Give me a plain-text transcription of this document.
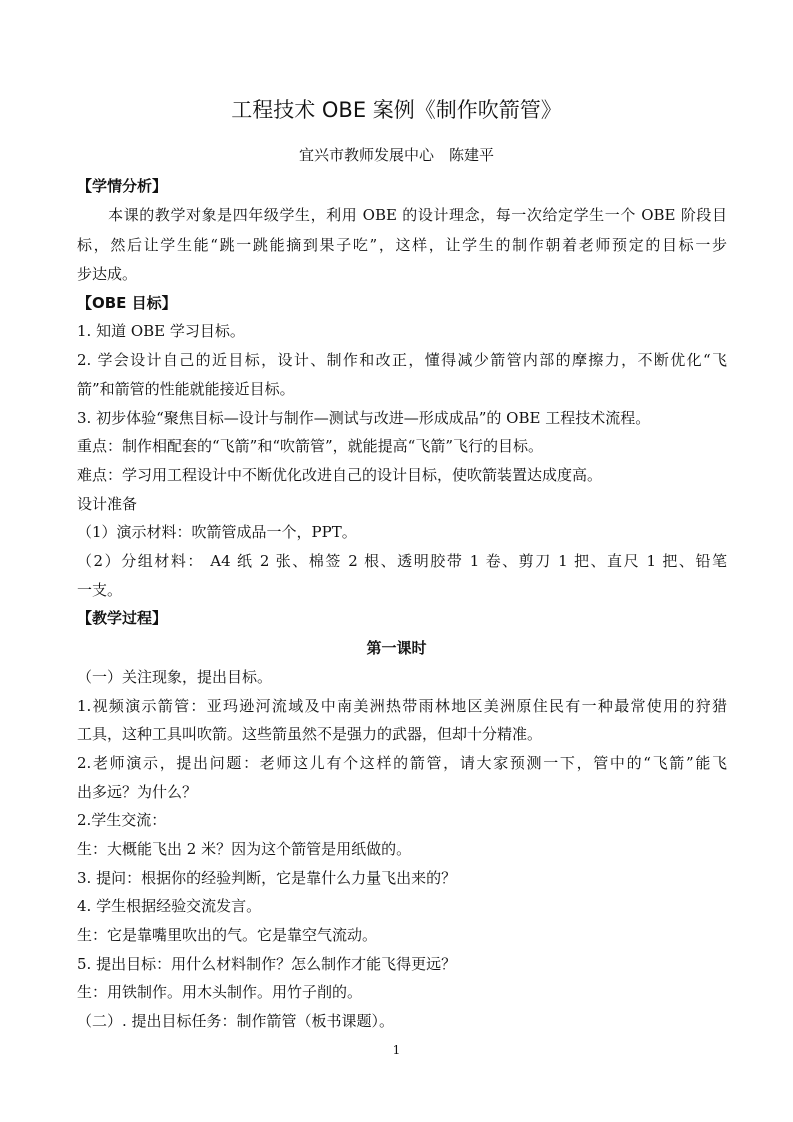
工程技术 OBE 案例《制作吹箭管》
宜兴市教师发展中心　陈建平
【学情分析】
　　本课的教学对象是四年级学生，利用 OBE 的设计理念，每一次给定学生一个 OBE 阶段目
标，然后让学生能“跳一跳能摘到果子吃”，这样，让学生的制作朝着老师预定的目标一步
步达成。
【OBE 目标】
1. 知道 OBE 学习目标。
2. 学会设计自己的近目标，设计、制作和改正，懂得减少箭管内部的摩擦力，不断优化“飞
箭”和箭管的性能就能接近目标。
3. 初步体验“聚焦目标—设计与制作—测试与改进—形成成品”的 OBE 工程技术流程。
重点：制作相配套的“飞箭”和“吹箭管”，就能提高“飞箭”飞行的目标。
难点：学习用工程设计中不断优化改进自己的设计目标，使吹箭装置达成度高。
设计准备
（1）演示材料：吹箭管成品一个，PPT。
（2）分组材料： A4 纸 2 张、棉签 2 根、透明胶带 1 卷、剪刀 1 把、直尺 1 把、铅笔
一支。
【教学过程】
第一课时
（一）关注现象，提出目标。
1.视频演示箭管：亚玛逊河流域及中南美洲热带雨林地区美洲原住民有一种最常使用的狩猎
工具，这种工具叫吹箭。这些箭虽然不是强力的武器，但却十分精准。
2.老师演示，提出问题：老师这儿有个这样的箭管，请大家预测一下，管中的“飞箭”能飞
出多远？为什么？
2.学生交流：
生：大概能飞出 2 米？因为这个箭管是用纸做的。
3. 提问：根据你的经验判断，它是靠什么力量飞出来的？
4. 学生根据经验交流发言。
生：它是靠嘴里吹出的气。它是靠空气流动。
5. 提出目标：用什么材料制作？怎么制作才能飞得更远？
生：用铁制作。用木头制作。用竹子削的。
（二）. 提出目标任务：制作箭管（板书课题）。
1
